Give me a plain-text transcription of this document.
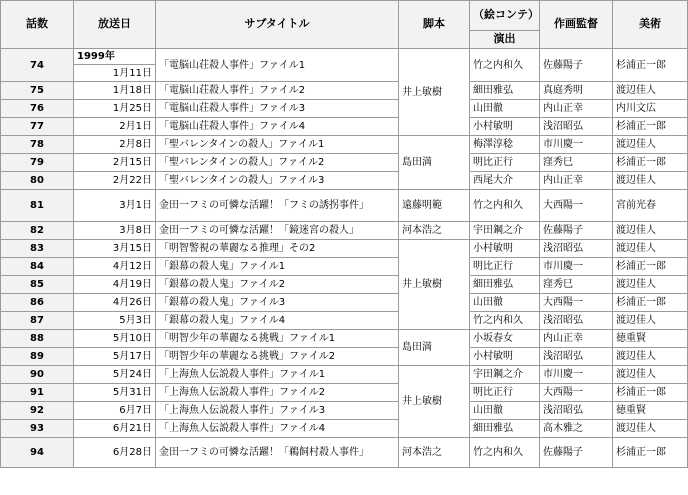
話数	放送日	サブタイトル	脚本	（絵コンテ）	作画監督	美術
				演出		
74	1999年	「電脳山荘殺人事件」ファイル1	井上敏樹	竹之内和久	佐藤陽子	杉浦正一郎
	1月11日					
75	1月18日	「電脳山荘殺人事件」ファイル2		細田雅弘	真庭秀明	渡辺佳人
76	1月25日	「電脳山荘殺人事件」ファイル3		山田徹	内山正幸	内川文広
77	2月1日	「電脳山荘殺人事件」ファイル4		小村敏明	浅沼昭弘	杉浦正一郎
78	2月8日	「聖バレンタインの殺人」ファイル1	島田満	梅澤淳稔	市川慶一	渡辺佳人
79	2月15日	「聖バレンタインの殺人」ファイル2		明比正行	窪秀巳	杉浦正一郎
80	2月22日	「聖バレンタインの殺人」ファイル3		西尾大介	内山正幸	渡辺佳人
81	3月1日	金田一フミの可憐な活躍！「フミの誘拐事件」	遠藤明範	竹之内和久	大西陽一	宮前光春
82	3月8日	金田一フミの可憐な活躍！「鏡迷宮の殺人」	河本浩之	宇田鋼之介	佐藤陽子	渡辺佳人
83	3月15日	「明智警視の華麗なる推理」その2	井上敏樹	小村敏明	浅沼昭弘	渡辺佳人
84	4月12日	「銀幕の殺人鬼」ファイル1		明比正行	市川慶一	杉浦正一郎
85	4月19日	「銀幕の殺人鬼」ファイル2		細田雅弘	窪秀巳	渡辺佳人
86	4月26日	「銀幕の殺人鬼」ファイル3		山田徹	大西陽一	杉浦正一郎
87	5月3日	「銀幕の殺人鬼」ファイル4		竹之内和久	浅沼昭弘	渡辺佳人
88	5月10日	「明智少年の華麗なる挑戦」ファイル1	島田満	小坂春女	内山正幸	徳重賢
89	5月17日	「明智少年の華麗なる挑戦」ファイル2		小村敏明	浅沼昭弘	渡辺佳人
90	5月24日	「上海魚人伝説殺人事件」ファイル1	井上敏樹	宇田鋼之介	市川慶一	渡辺佳人
91	5月31日	「上海魚人伝説殺人事件」ファイル2		明比正行	大西陽一	杉浦正一郎
92	6月7日	「上海魚人伝説殺人事件」ファイル3		山田徹	浅沼昭弘	徳重賢
93	6月21日	「上海魚人伝説殺人事件」ファイル4		細田雅弘	高木雅之	渡辺佳人
94	6月28日	金田一フミの可憐な活躍！「鵜飼村殺人事件」	河本浩之	竹之内和久	佐藤陽子	杉浦正一郎
